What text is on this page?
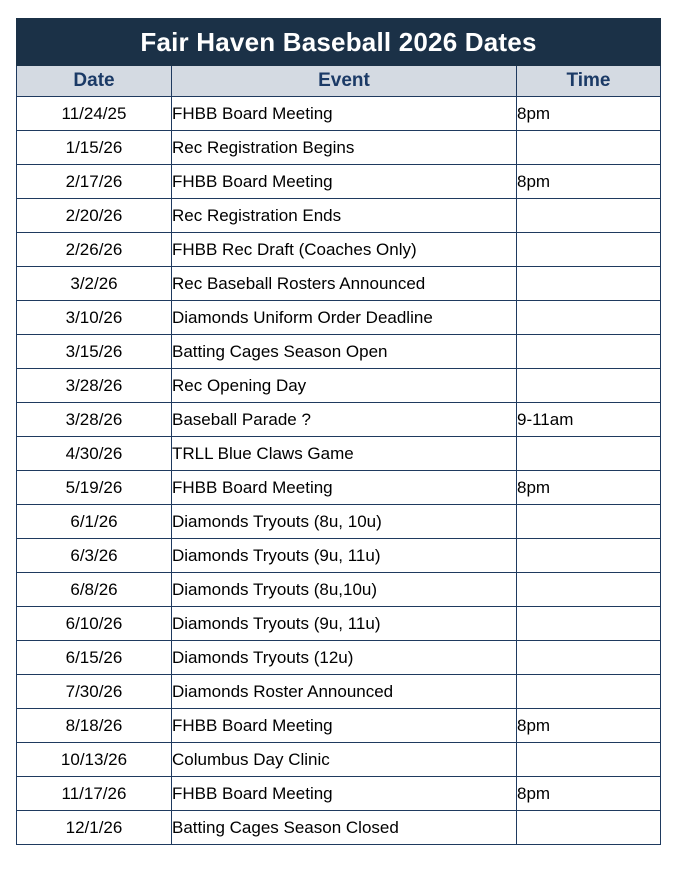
Fair Haven Baseball 2026 Dates		
Date	Event	Time
11/24/25	FHBB Board Meeting	8pm
1/15/26	Rec Registration Begins	
2/17/26	FHBB Board Meeting	8pm
2/20/26	Rec Registration Ends	
2/26/26	FHBB Rec Draft (Coaches Only)	
3/2/26	Rec Baseball Rosters Announced	
3/10/26	Diamonds Uniform Order Deadline	
3/15/26	Batting Cages Season Open	
3/28/26	Rec Opening Day	
3/28/26	Baseball Parade ?	9-11am
4/30/26	TRLL Blue Claws Game	
5/19/26	FHBB Board Meeting	8pm
6/1/26	Diamonds Tryouts (8u, 10u)	
6/3/26	Diamonds Tryouts (9u, 11u)	
6/8/26	Diamonds Tryouts (8u,10u)	
6/10/26	Diamonds Tryouts (9u, 11u)	
6/15/26	Diamonds Tryouts (12u)	
7/30/26	Diamonds Roster Announced	
8/18/26	FHBB Board Meeting	8pm
10/13/26	Columbus Day Clinic	
11/17/26	FHBB Board Meeting	8pm
12/1/26	Batting Cages Season Closed	
